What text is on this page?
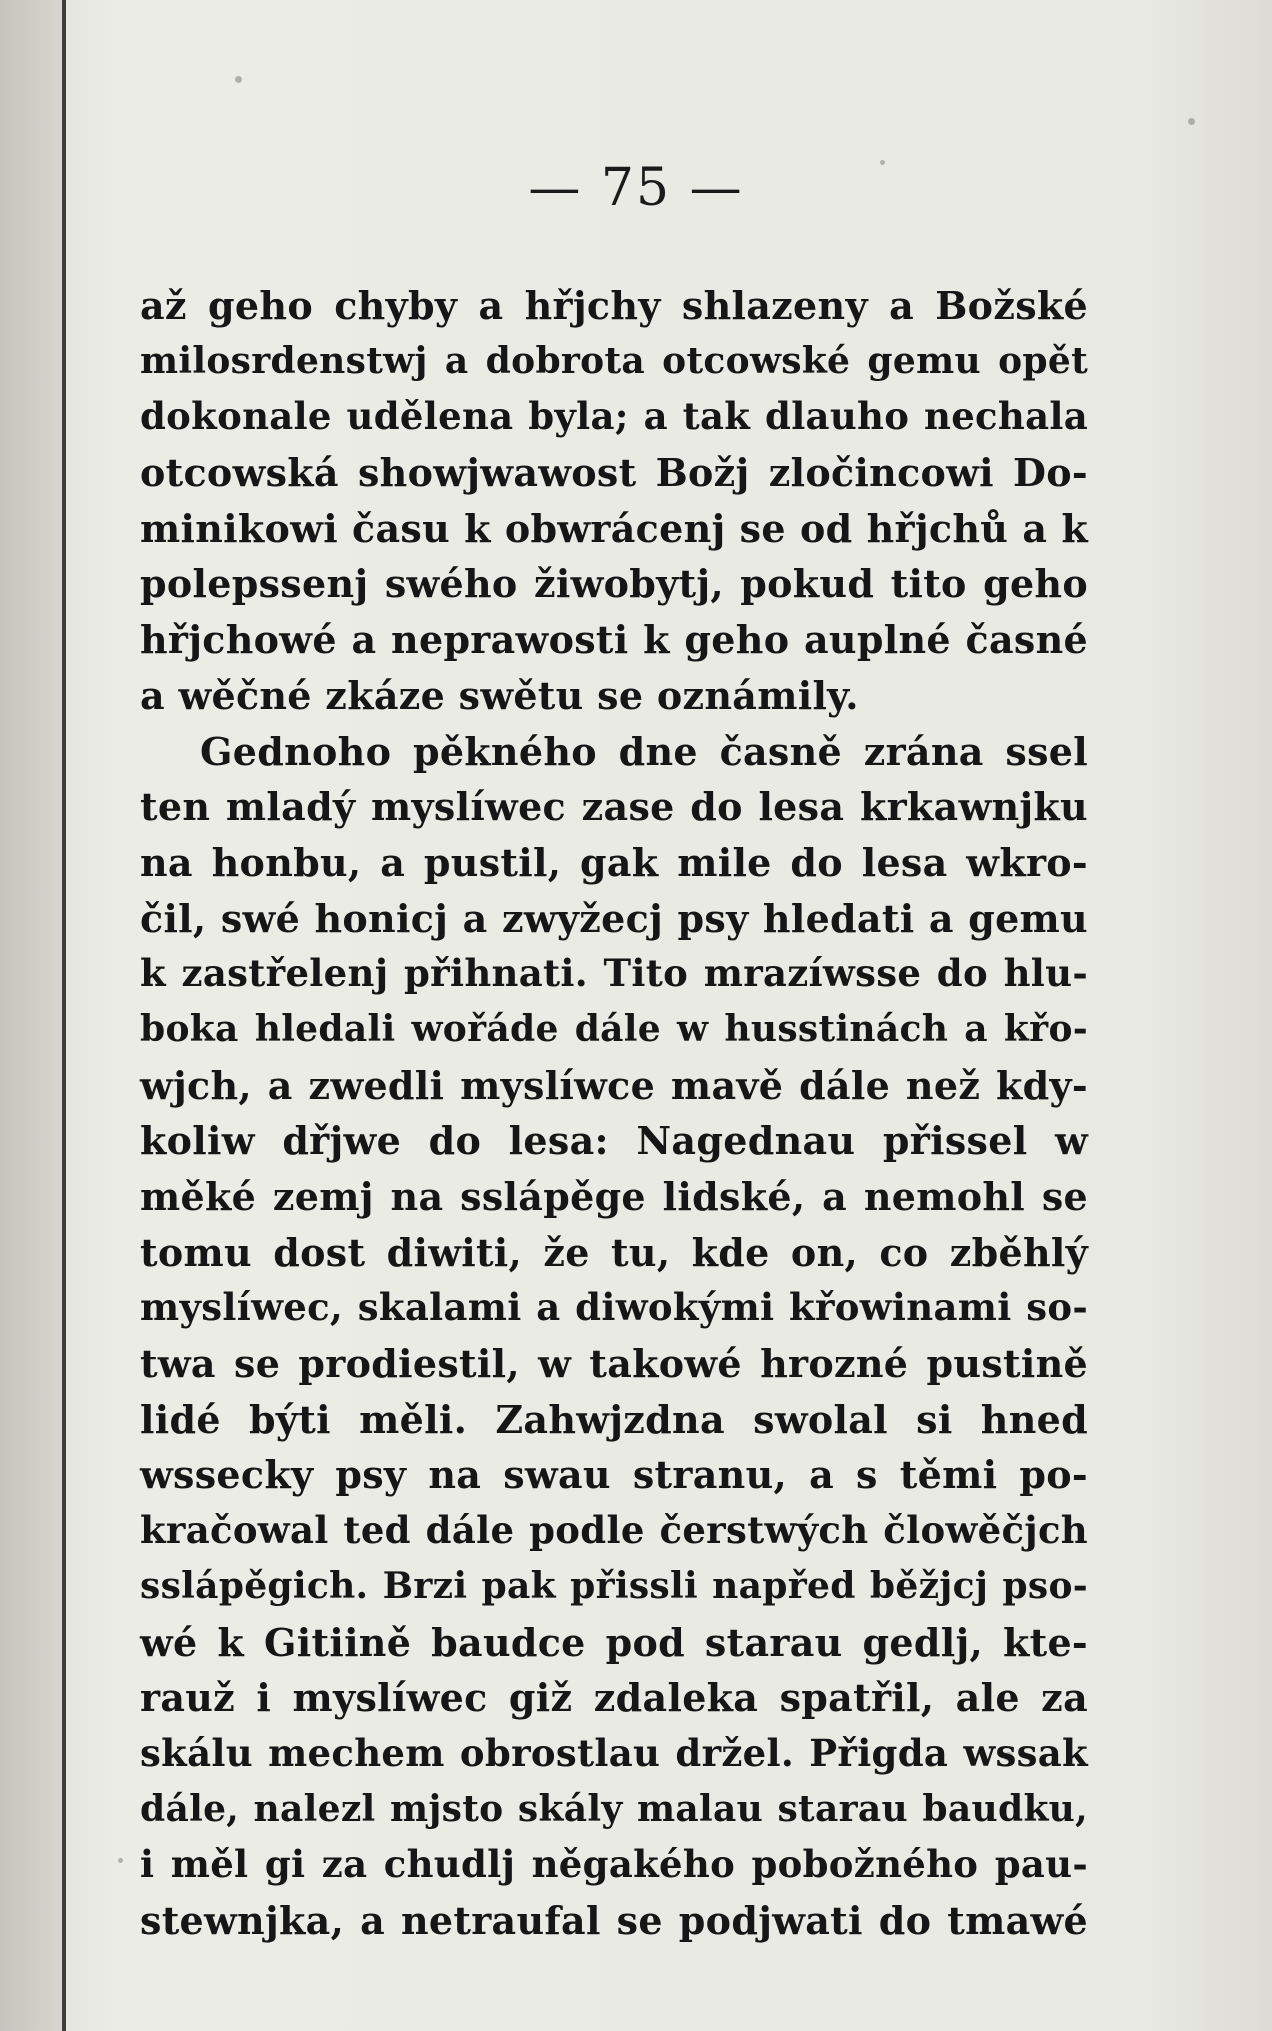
— 75 —
až geho chyby a hřjchy shlazeny a Božské
milosrdenstwj a dobrota otcowské gemu opět
dokonale udělena byla; a tak dlauho nechala
otcowská showjwawost Božj zločincowi Do-
minikowi času k obwrácenj se od hřjchů a k
polepssenj swého žiwobytj, pokud tito geho
hřjchowé a neprawosti k geho auplné časné
a wěčné zkáze swětu se oznámily.
Gednoho pěkného dne časně zrána ssel
ten mladý myslíwec zase do lesa krkawnjku
na honbu, a pustil, gak mile do lesa wkro-
čil, swé honicj a zwyžecj psy hledati a gemu
k zastřelenj přihnati. Tito mrazíwsse do hlu-
boka hledali wořáde dále w husstinách a křo-
wjch, a zwedli myslíwce mavě dále než kdy-
koliw dřjwe do lesa: Nagednau přissel w
měké zemj na sslápěge lidské, a nemohl se
tomu dost diwiti, že tu, kde on, co zběhlý
myslíwec, skalami a diwokými křowinami so-
twa se prodiestil, w takowé hrozné pustině
lidé býti měli. Zahwjzdna swolal si hned
wssecky psy na swau stranu, a s těmi po-
kračowal ted dále podle čerstwých člowěčjch
sslápěgich. Brzi pak přissli napřed běžjcj pso-
wé k Gitiině baudce pod starau gedlj, kte-
rauž i myslíwec giž zdaleka spatřil, ale za
skálu mechem obrostlau držel. Přigda wssak
dále, nalezl mjsto skály malau starau baudku,
i měl gi za chudlj něgakého pobožného pau-
stewnjka, a netraufal se podjwati do tmawé
